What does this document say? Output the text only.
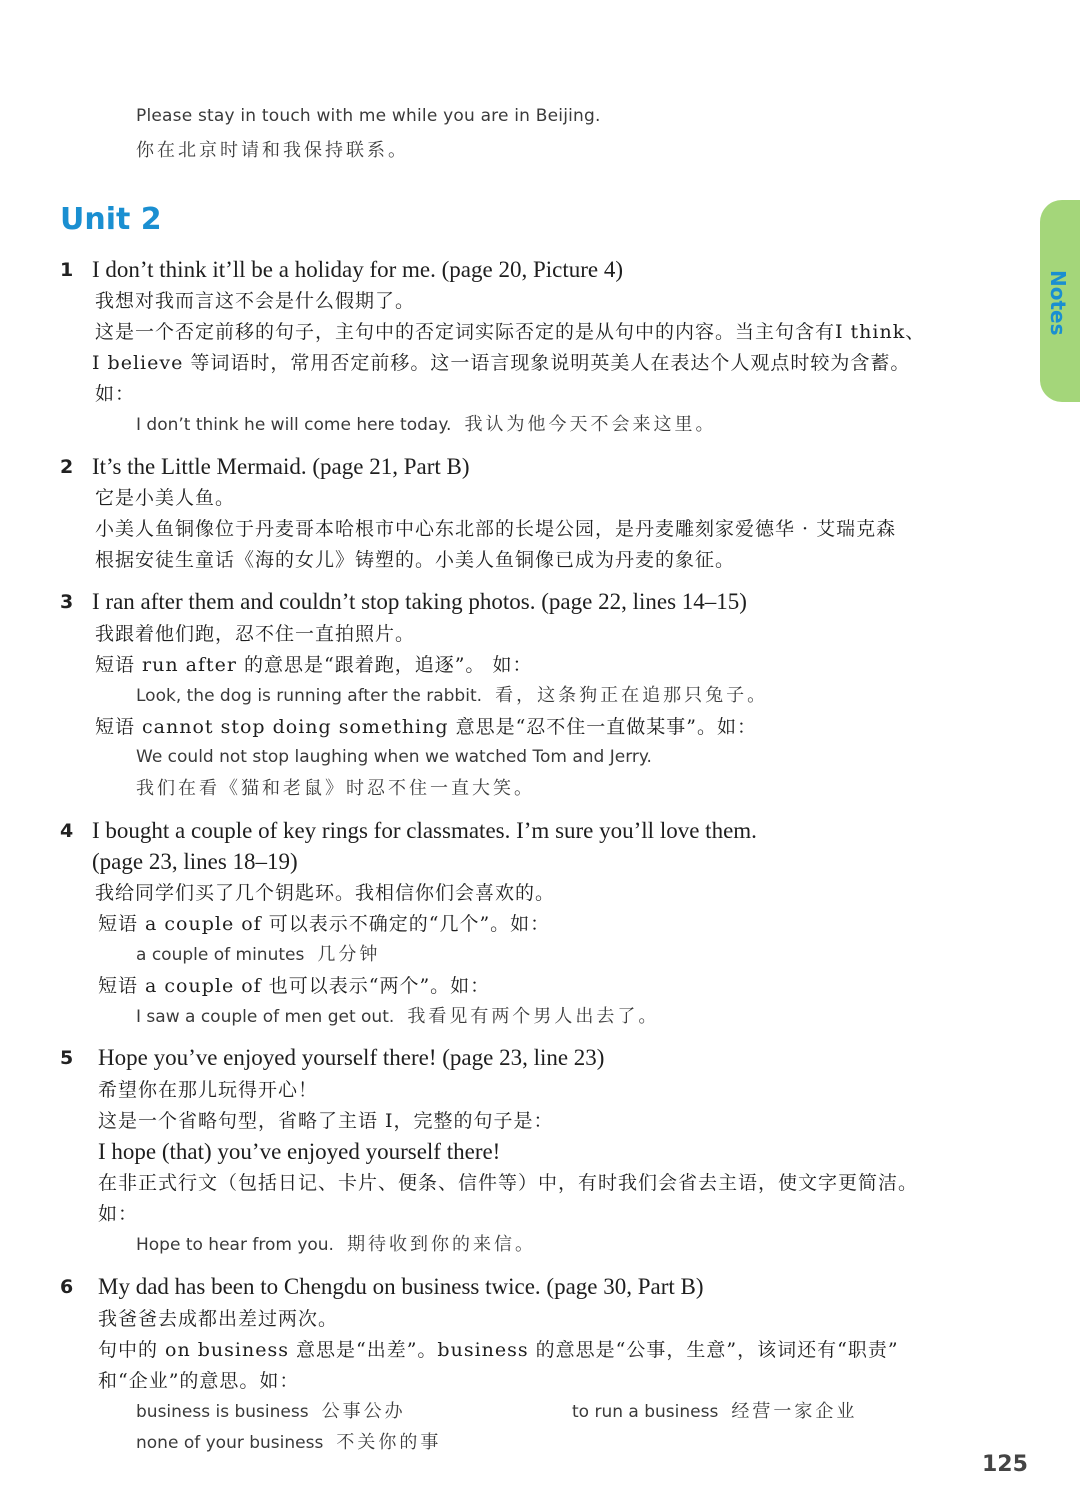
Please stay in touch with me while you are in Beijing.
你在北京时请和我保持联系。
Unit 2
Notes
1 I don’t think it’ll be a holiday for me. (page 20, Picture 4)
我想对我而言这不会是什么假期了。
这是一个否定前移的句子，主句中的否定词实际否定的是从句中的内容。当主句含有I think、
I believe 等词语时，常用否定前移。这一语言现象说明英美人在表达个人观点时较为含蓄。
如：
I don’t think he will come here today. 我认为他今天不会来这里。
2 It’s the Little Mermaid. (page 21, Part B)
它是小美人鱼。
小美人鱼铜像位于丹麦哥本哈根市中心东北部的长堤公园，是丹麦雕刻家爱德华 · 艾瑞克森
根据安徒生童话《海的女儿》铸塑的。小美人鱼铜像已成为丹麦的象征。
3 I ran after them and couldn’t stop taking photos. (page 22, lines 14–15)
我跟着他们跑，忍不住一直拍照片。
短语 run after 的意思是“跟着跑，追逐”。 如：
Look, the dog is running after the rabbit. 看，这条狗正在追那只兔子。
短语 cannot stop doing something 意思是“忍不住一直做某事”。如：
We could not stop laughing when we watched Tom and Jerry.
我们在看《猫和老鼠》时忍不住一直大笑。
4 I bought a couple of key rings for classmates. I’m sure you’ll love them.
(page 23, lines 18–19)
我给同学们买了几个钥匙环。我相信你们会喜欢的。
短语 a couple of 可以表示不确定的“几个”。如：
a couple of minutes 几分钟
短语 a couple of 也可以表示“两个”。如：
I saw a couple of men get out. 我看见有两个男人出去了。
5 Hope you’ve enjoyed yourself there! (page 23, line 23)
希望你在那儿玩得开心！
这是一个省略句型，省略了主语 I，完整的句子是：
I hope (that) you’ve enjoyed yourself there!
在非正式行文（包括日记、卡片、便条、信件等）中，有时我们会省去主语，使文字更简洁。
如：
Hope to hear from you. 期待收到你的来信。
6 My dad has been to Chengdu on business twice. (page 30, Part B)
我爸爸去成都出差过两次。
句中的 on business 意思是“出差”。business 的意思是“公事，生意”，该词还有“职责”
和“企业”的意思。如：
business is business 公事公办	to run a business 经营一家企业
none of your business 不关你的事
125
